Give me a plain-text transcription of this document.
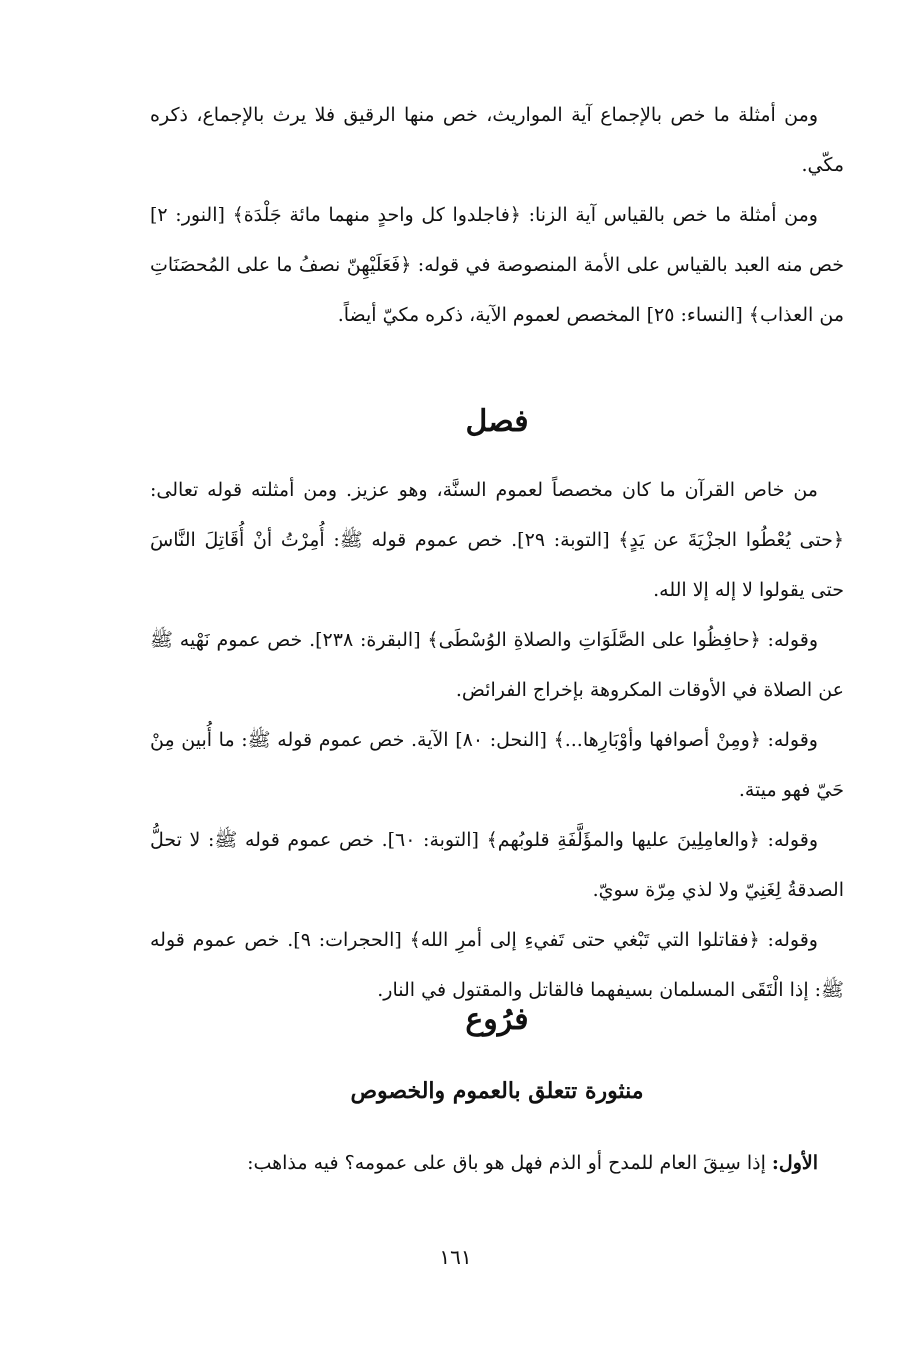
ومن أمثلة ما خص بالإجماع آية المواريث، خص منها الرقيق فلا يرث بالإجماع، ذكره مكّي.

ومن أمثلة ما خص بالقياس آية الزنا: ﴿فاجلدوا كل واحدٍ منهما مائة جَلْدَة﴾ [النور: ٢] خص منه العبد بالقياس على الأمة المنصوصة في قوله: ﴿فَعَلَيْهِنّ نصفُ ما على المُحصَنَاتِ من العذاب﴾ [النساء: ٢٥] المخصص لعموم الآية، ذكره مكيّ أيضاً.

فصل

من خاص القرآن ما كان مخصصاً لعموم السنَّة، وهو عزيز. ومن أمثلته قوله تعالى: ﴿حتى يُعْطُوا الجزْيَةَ عن يَدٍ﴾ [التوبة: ٢٩]. خص عموم قوله ﷺ: أُمِرْتُ أنْ أُقَاتِلَ النَّاسَ حتى يقولوا لا إله إلا الله.

وقوله: ﴿حافِظُوا على الصَّلَوَاتِ والصلاةِ الوُسْطَى﴾ [البقرة: ٢٣٨]. خص عموم نَهْيه ﷺ عن الصلاة في الأوقات المكروهة بإخراج الفرائض.

وقوله: ﴿ومِنْ أصوافها وأوْبَارِها...﴾ [النحل: ٨٠] الآية. خص عموم قوله ﷺ: ما أُبين مِنْ حَيّ فهو ميتة.

وقوله: ﴿والعامِلِينَ عليها والمؤَلَّفَةِ قلوبُهم﴾ [التوبة: ٦٠]. خص عموم قوله ﷺ: لا تحلُّ الصدقةُ لِغَنِيّ ولا لذي مِرّة سويّ.

وقوله: ﴿فقاتلوا التي تَبْغي حتى تَفيءِ إلى أمرِ الله﴾ [الحجرات: ٩]. خص عموم قوله ﷺ: إذا الْتَقَى المسلمان بسيفهما فالقاتل والمقتول في النار.

فرُوع
منثورة تتعلق بالعموم والخصوص

الأول: إذا سِيقَ العام للمدح أو الذم فهل هو باق على عمومه؟ فيه مذاهب:

١٦١
